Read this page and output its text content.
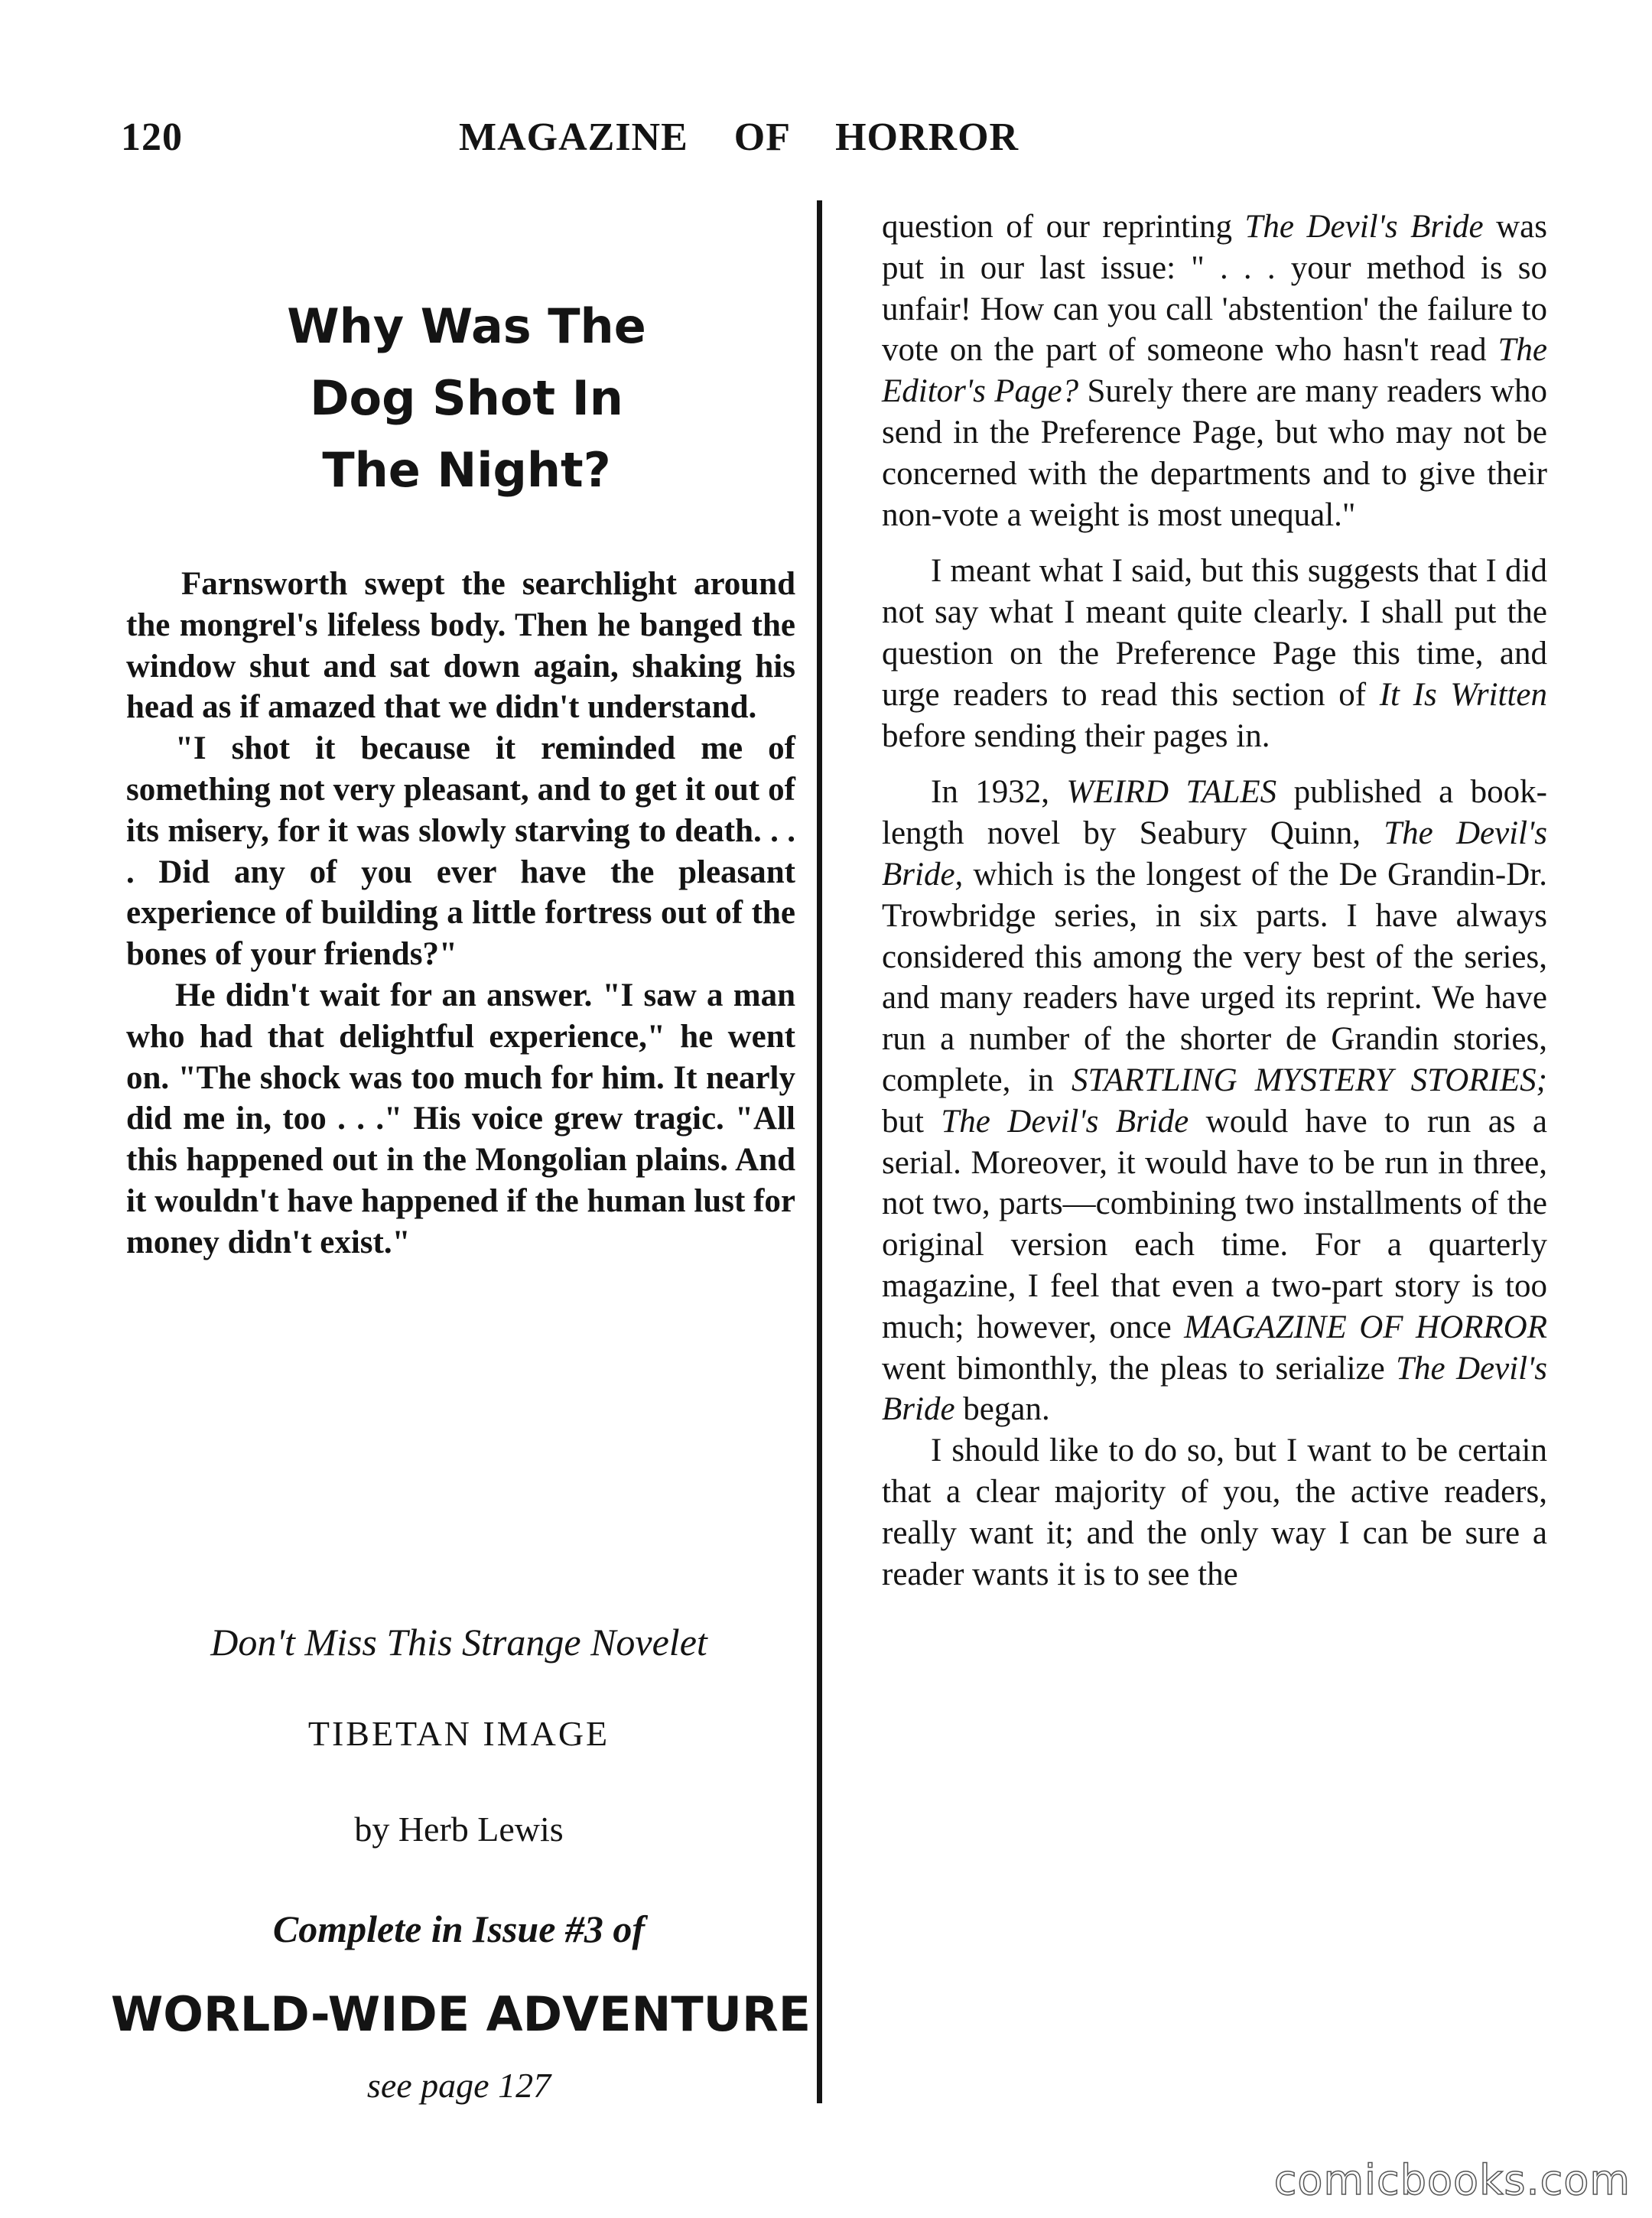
120	MAGAZINE OF HORROR
Why Was The
Dog Shot In
The Night?

Farnsworth swept the searchlight around the mongrel's lifeless body. Then he banged the window shut and sat down again, shaking his head as if amazed that we didn't understand.

"I shot it because it reminded me of something not very pleasant, and to get it out of its misery, for it was slowly starving to death. . . . Did any of you ever have the pleasant experience of building a little fortress out of the bones of your friends?"

He didn't wait for an answer. "I saw a man who had that delightful experience," he went on. "The shock was too much for him. It nearly did me in, too . . ." His voice grew tragic. "All this happened out in the Mongolian plains. And it wouldn't have happened if the human lust for money didn't exist."

Don't Miss This Strange Novelet
TIBETAN IMAGE
by Herb Lewis
Complete in Issue #3 of
WORLD-WIDE ADVENTURE
see page 127

question of our reprinting The Devil's Bride was put in our last issue: " . . . your method is so unfair! How can you call 'abstention' the failure to vote on the part of someone who hasn't read The Editor's Page? Surely there are many readers who send in the Preference Page, but who may not be concerned with the departments and to give their non-vote a weight is most unequal."

I meant what I said, but this suggests that I did not say what I meant quite clearly. I shall put the question on the Preference Page this time, and urge readers to read this section of It Is Written before sending their pages in.

In 1932, WEIRD TALES published a book-length novel by Seabury Quinn, The Devil's Bride, which is the longest of the De Grandin-Dr. Trowbridge series, in six parts. I have always considered this among the very best of the series, and many readers have urged its reprint. We have run a number of the shorter de Grandin stories, complete, in STARTLING MYSTERY STORIES; but The Devil's Bride would have to run as a serial. Moreover, it would have to be run in three, not two, parts—combining two installments of the original version each time. For a quarterly magazine, I feel that even a two-part story is too much; however, once MAGAZINE OF HORROR went bimonthly, the pleas to serialize The Devil's Bride began.

I should like to do so, but I want to be certain that a clear majority of you, the active readers, really want it; and the only way I can be sure a reader wants it is to see the

comicbooks.com
